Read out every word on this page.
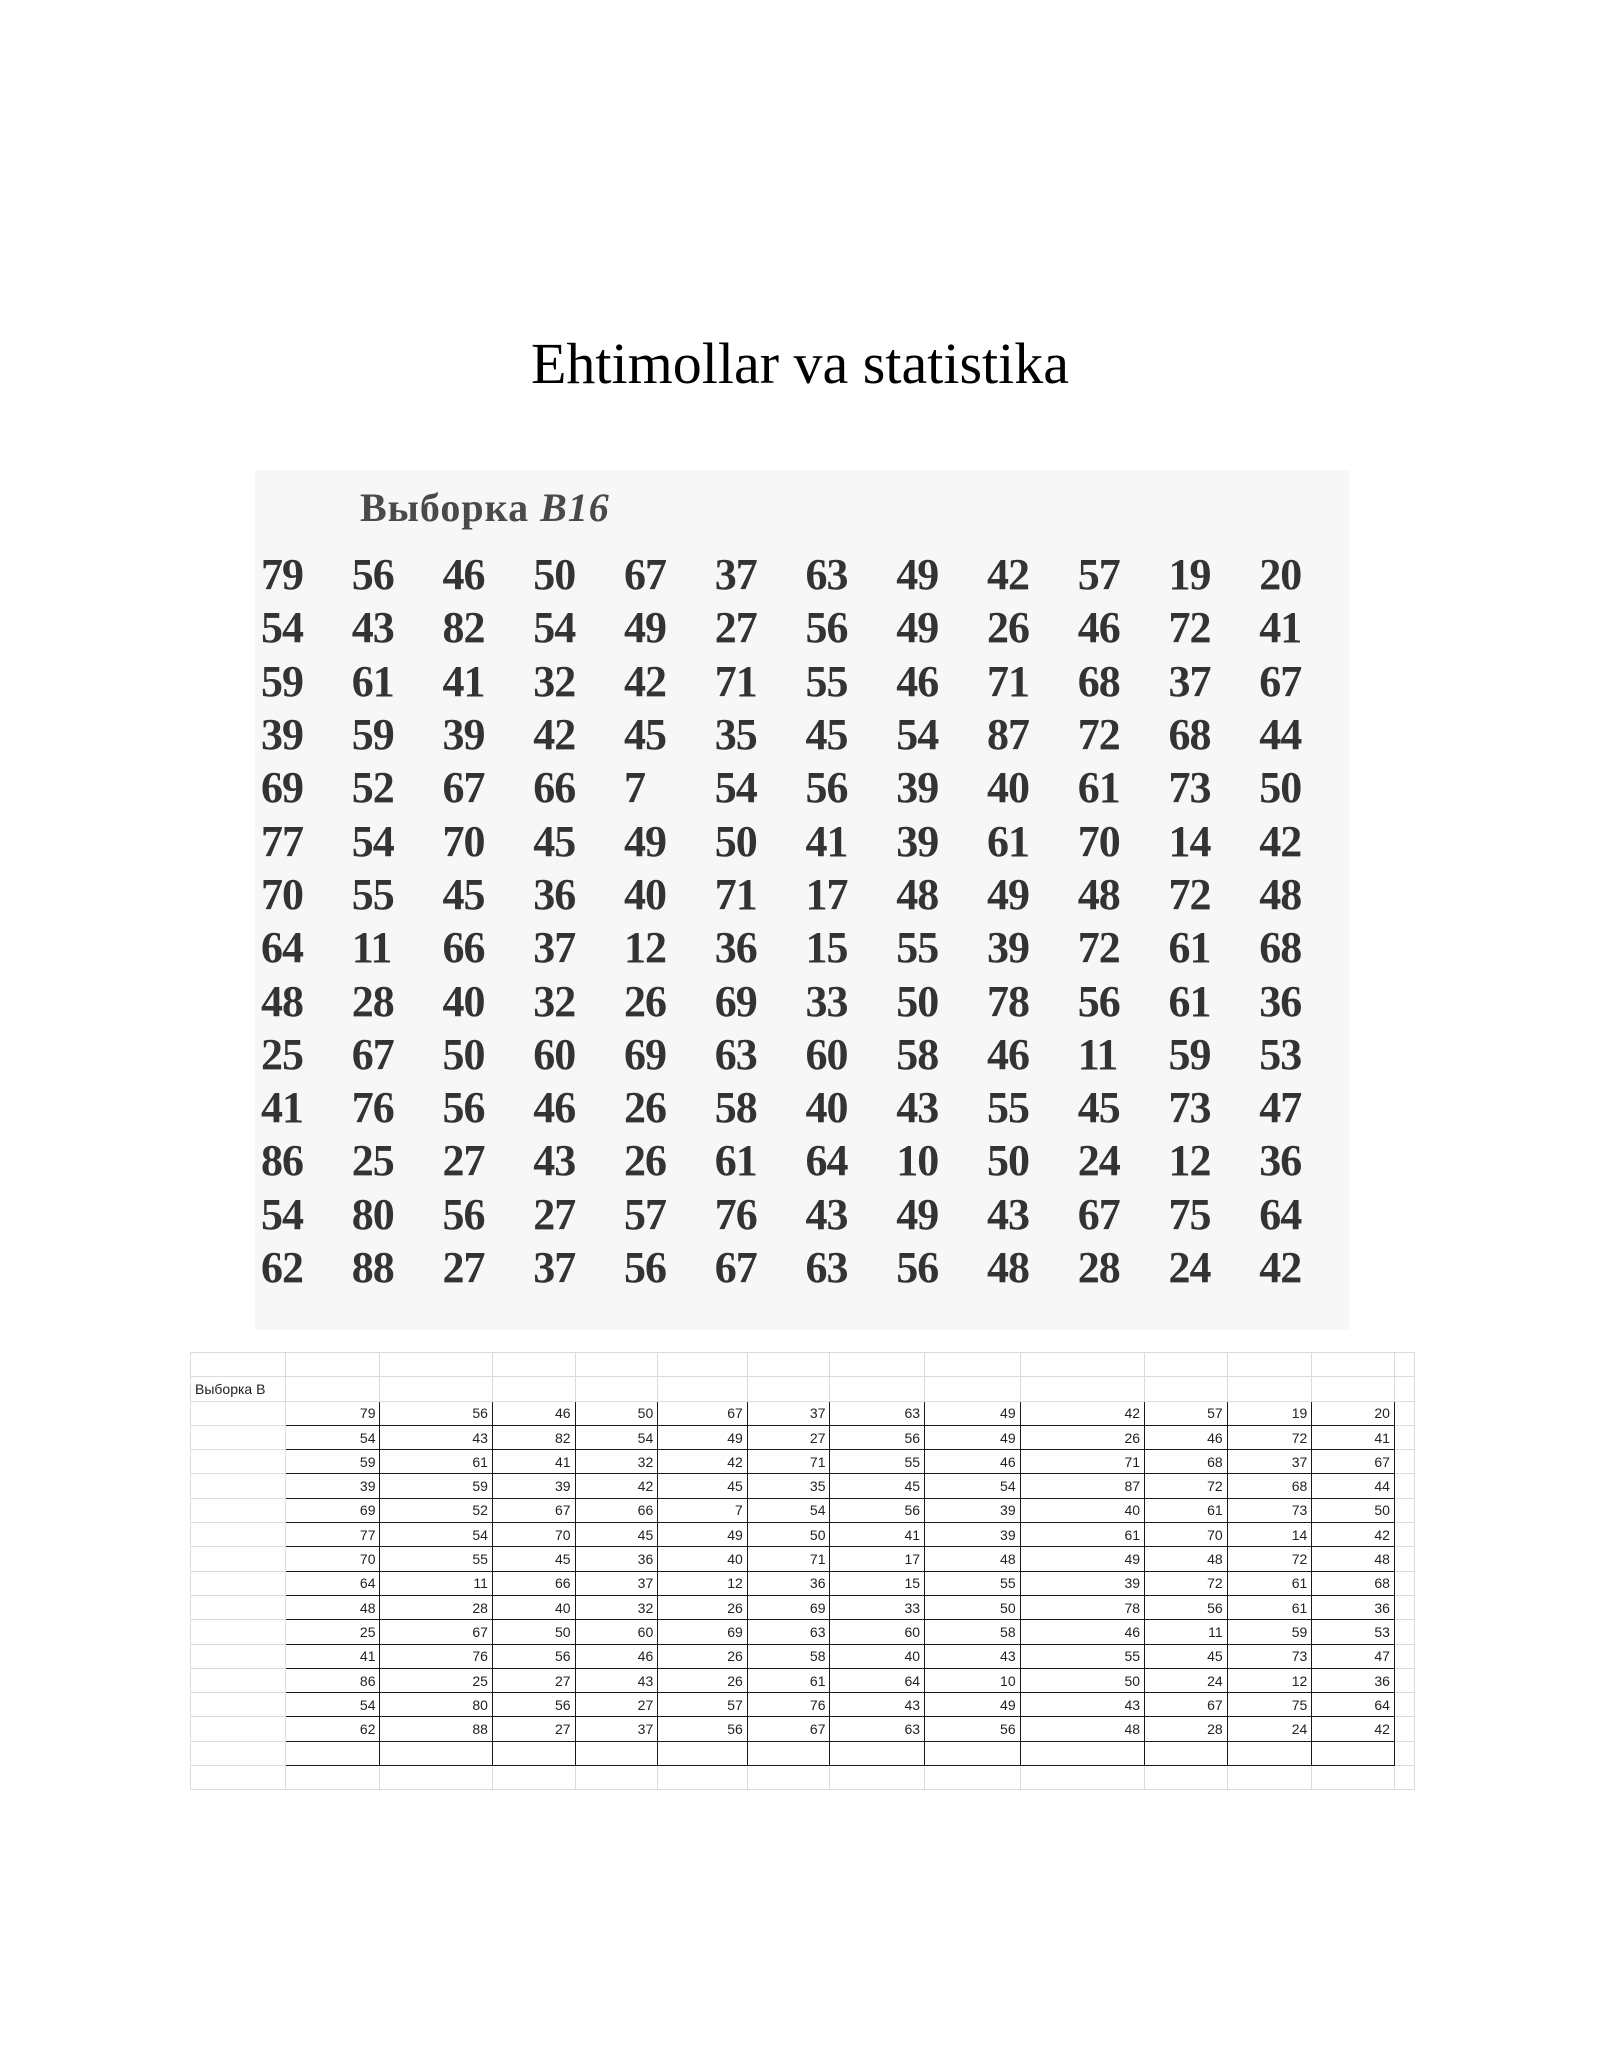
Ehtimollar va statistika
Выборка B16
79	56	46	50	67	37	63	49	42	57	19	20
54	43	82	54	49	27	56	49	26	46	72	41
59	61	41	32	42	71	55	46	71	68	37	67
39	59	39	42	45	35	45	54	87	72	68	44
69	52	67	66	7	54	56	39	40	61	73	50
77	54	70	45	49	50	41	39	61	70	14	42
70	55	45	36	40	71	17	48	49	48	72	48
64	11	66	37	12	36	15	55	39	72	61	68
48	28	40	32	26	69	33	50	78	56	61	36
25	67	50	60	69	63	60	58	46	11	59	53
41	76	56	46	26	58	40	43	55	45	73	47
86	25	27	43	26	61	64	10	50	24	12	36
54	80	56	27	57	76	43	49	43	67	75	64
62	88	27	37	56	67	63	56	48	28	24	42

Выборка В													
	79	56	46	50	67	37	63	49	42	57	19	20	
	54	43	82	54	49	27	56	49	26	46	72	41	
	59	61	41	32	42	71	55	46	71	68	37	67	
	39	59	39	42	45	35	45	54	87	72	68	44	
	69	52	67	66	7	54	56	39	40	61	73	50	
	77	54	70	45	49	50	41	39	61	70	14	42	
	70	55	45	36	40	71	17	48	49	48	72	48	
	64	11	66	37	12	36	15	55	39	72	61	68	
	48	28	40	32	26	69	33	50	78	56	61	36	
	25	67	50	60	69	63	60	58	46	11	59	53	
	41	76	56	46	26	58	40	43	55	45	73	47	
	86	25	27	43	26	61	64	10	50	24	12	36	
	54	80	56	27	57	76	43	49	43	67	75	64	
	62	88	27	37	56	67	63	56	48	28	24	42	
